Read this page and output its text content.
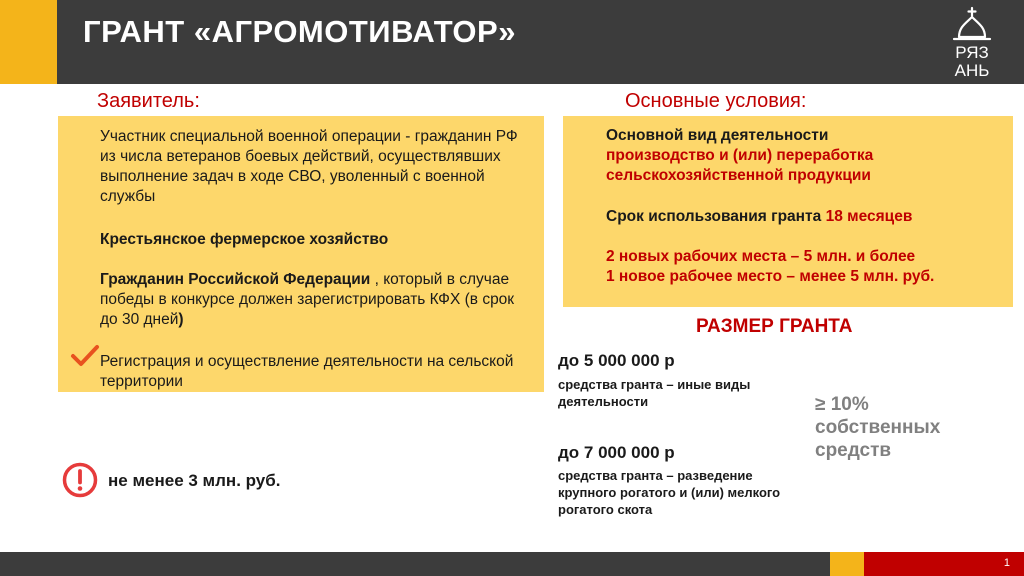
ГРАНТ «АГРОМОТИВАТОР»
РЯЗ
АНЬ
Заявитель:
Участник специальной военной операции - гражданин РФ из числа ветеранов боевых действий, осуществлявших выполнение задач в ходе СВО, уволенный с военной службы
Крестьянское фермерское хозяйство
Гражданин Российской Федерации , который в случае победы в конкурсе должен зарегистрировать КФХ (в срок до 30 дней)
Регистрация и осуществление деятельности на сельской территории
не менее 3 млн. руб.
Основные условия:
Основной вид деятельности
производство и (или) переработка сельскохозяйственной продукции
Срок использования гранта 18 месяцев
2 новых рабочих места – 5 млн. и более
1 новое рабочее место – менее 5 млн. руб.
РАЗМЕР ГРАНТА
до 5 000 000 р
средства гранта – иные виды деятельности
до 7 000 000 р
средства гранта – разведение крупного рогатого и (или) мелкого рогатого скота
≥ 10% собственных средств
1
